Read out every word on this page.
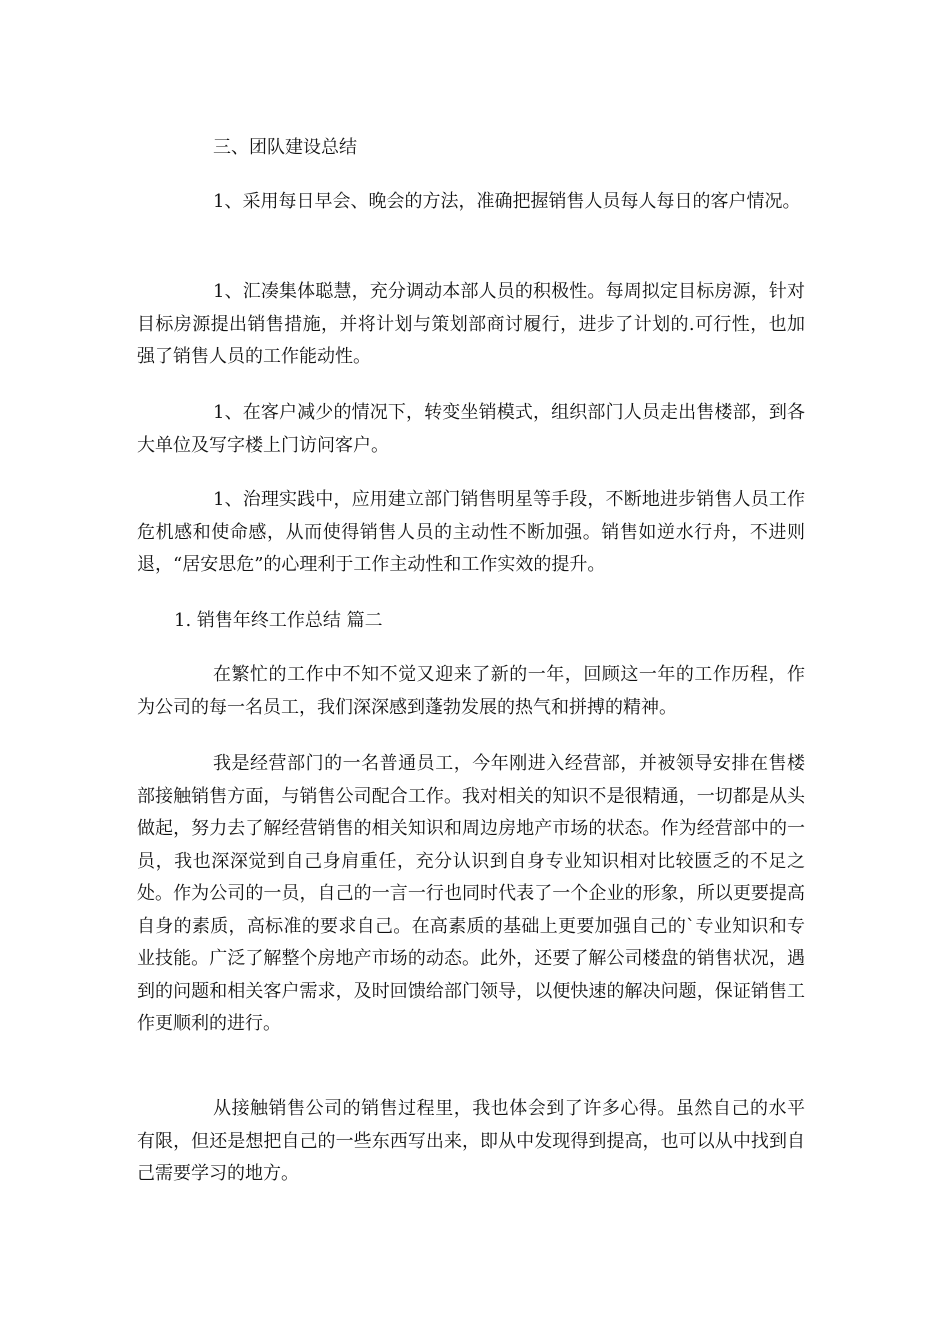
三、团队建设总结

1、采用每日早会、晚会的方法，准确把握销售人员每人每日的客户情况。

1、汇凑集体聪慧，充分调动本部人员的积极性。每周拟定目标房源，针对目标房源提出销售措施，并将计划与策划部商讨履行，进步了计划的.可行性，也加强了销售人员的工作能动性。

1、在客户减少的情况下，转变坐销模式，组织部门人员走出售楼部，到各大单位及写字楼上门访问客户。

1、治理实践中，应用建立部门销售明星等手段，不断地进步销售人员工作危机感和使命感，从而使得销售人员的主动性不断加强。销售如逆水行舟，不进则退，“居安思危”的心理利于工作主动性和工作实效的提升。

1. 销售年终工作总结 篇二

在繁忙的工作中不知不觉又迎来了新的一年，回顾这一年的工作历程，作为公司的每一名员工，我们深深感到蓬勃发展的热气和拼搏的精神。

我是经营部门的一名普通员工，今年刚进入经营部，并被领导安排在售楼部接触销售方面，与销售公司配合工作。我对相关的知识不是很精通，一切都是从头做起，努力去了解经营销售的相关知识和周边房地产市场的状态。作为经营部中的一员，我也深深觉到自己身肩重任，充分认识到自身专业知识相对比较匮乏的不足之处。作为公司的一员，自己的一言一行也同时代表了一个企业的形象，所以更要提高自身的素质，高标准的要求自己。在高素质的基础上更要加强自己的`专业知识和专业技能。广泛了解整个房地产市场的动态。此外，还要了解公司楼盘的销售状况，遇到的问题和相关客户需求，及时回馈给部门领导，以便快速的解决问题，保证销售工作更顺利的进行。

从接触销售公司的销售过程里，我也体会到了许多心得。虽然自己的水平有限，但还是想把自己的一些东西写出来，即从中发现得到提高，也可以从中找到自己需要学习的地方。
